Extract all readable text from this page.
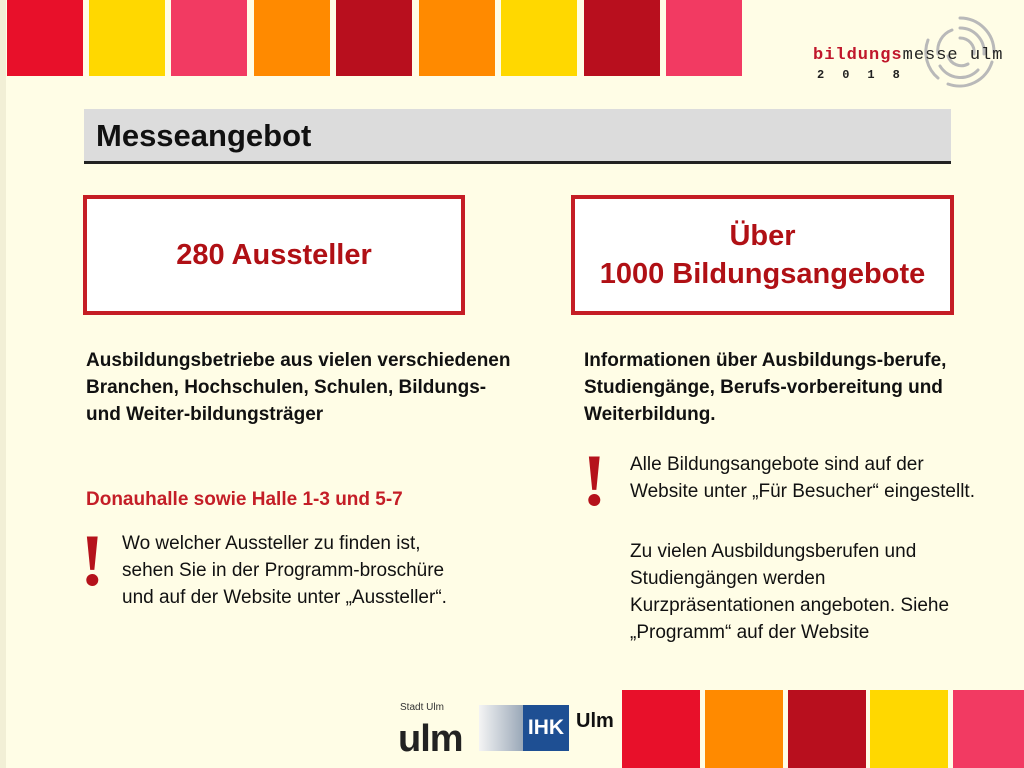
bildungsmesse ulm
2018
Messeangebot
280 Aussteller
Über
1000 Bildungsangebote
Ausbildungsbetriebe aus vielen verschiedenen Branchen, Hochschulen, Schulen, Bildungs- und Weiter-bildungsträger
Donauhalle sowie Halle 1-3 und 5-7
! Wo welcher Aussteller zu finden ist, sehen Sie in der Programm-broschüre und auf der Website unter „Aussteller“.
Informationen über Ausbildungs-berufe, Studiengänge, Berufs-vorbereitung und Weiterbildung.
! Alle Bildungsangebote sind auf der Website unter „Für Besucher“ eingestellt.
Zu vielen Ausbildungsberufen und Studiengängen werden Kurzpräsentationen angeboten. Siehe „Programm“ auf der Website
Stadt Ulm
ulm	IHK Ulm
